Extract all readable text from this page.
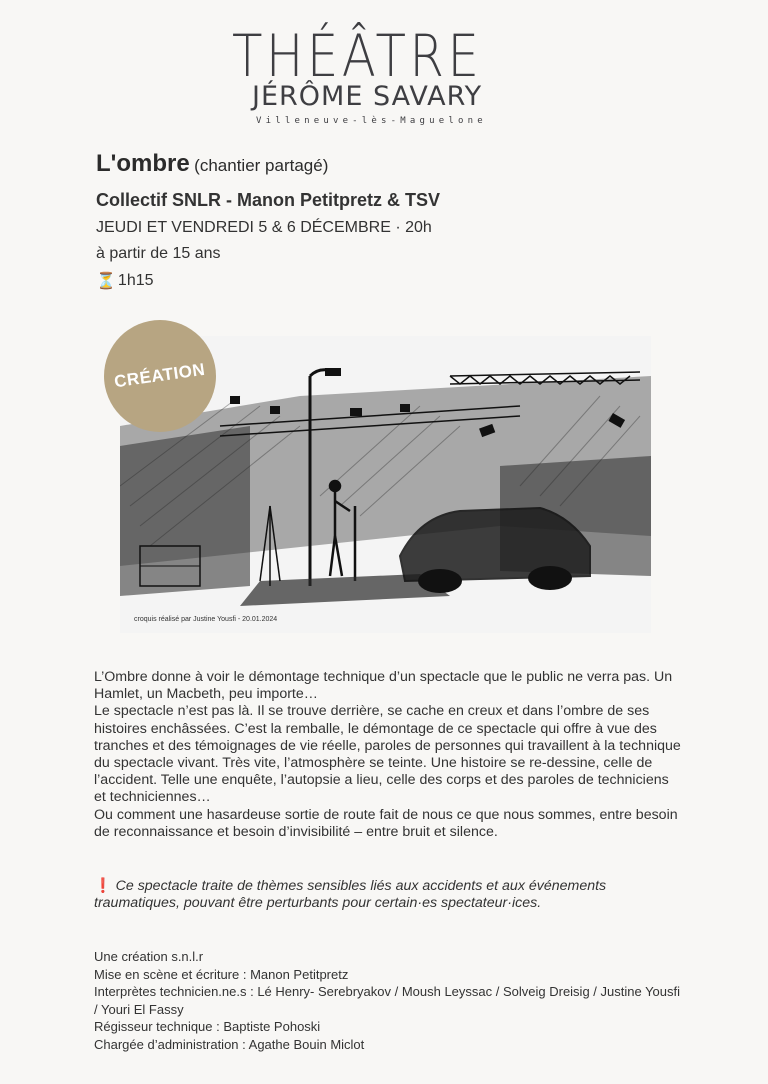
THÉÂTRE
JÉRÔME SAVARY
Villeneuve-lès-Maguelone
L'ombre (chantier partagé)
Collectif SNLR - Manon Petitpretz & TSV
JEUDI ET VENDREDI 5 & 6 DÉCEMBRE · 20h
à partir de 15 ans
⏳ 1h15
croquis réalisé par Justine Yousfi - 20.01.2024
CRÉATION

L’Ombre donne à voir le démontage technique d’un spectacle que le public ne verra pas. Un Hamlet, un Macbeth, peu importe…

Le spectacle n’est pas là. Il se trouve derrière, se cache en creux et dans l’ombre de ses histoires enchâssées. C’est la remballe, le démontage de ce spectacle qui offre à vue des tranches et des témoignages de vie réelle, paroles de personnes qui travaillent à la technique du spectacle vivant. Très vite, l’atmosphère se teinte. Une histoire se re-dessine, celle de l’accident. Telle une enquête, l’autopsie a lieu, celle des corps et des paroles de techniciens et techniciennes…

Ou comment une hasardeuse sortie de route fait de nous ce que nous sommes, entre besoin de reconnaissance et besoin d’invisibilité – entre bruit et silence.

❗ Ce spectacle traite de thèmes sensibles liés aux accidents et aux événements traumatiques, pouvant être perturbants pour certain·es spectateur·ices.

Une création s.n.l.r

Mise en scène et écriture : Manon Petitpretz

Interprètes technicien.ne.s : Lé Henry- Serebryakov / Moush Leyssac / Solveig Dreisig / Justine Yousfi / Youri El Fassy

Régisseur technique : Baptiste Pohoski

Chargée d’administration : Agathe Bouin Miclot
